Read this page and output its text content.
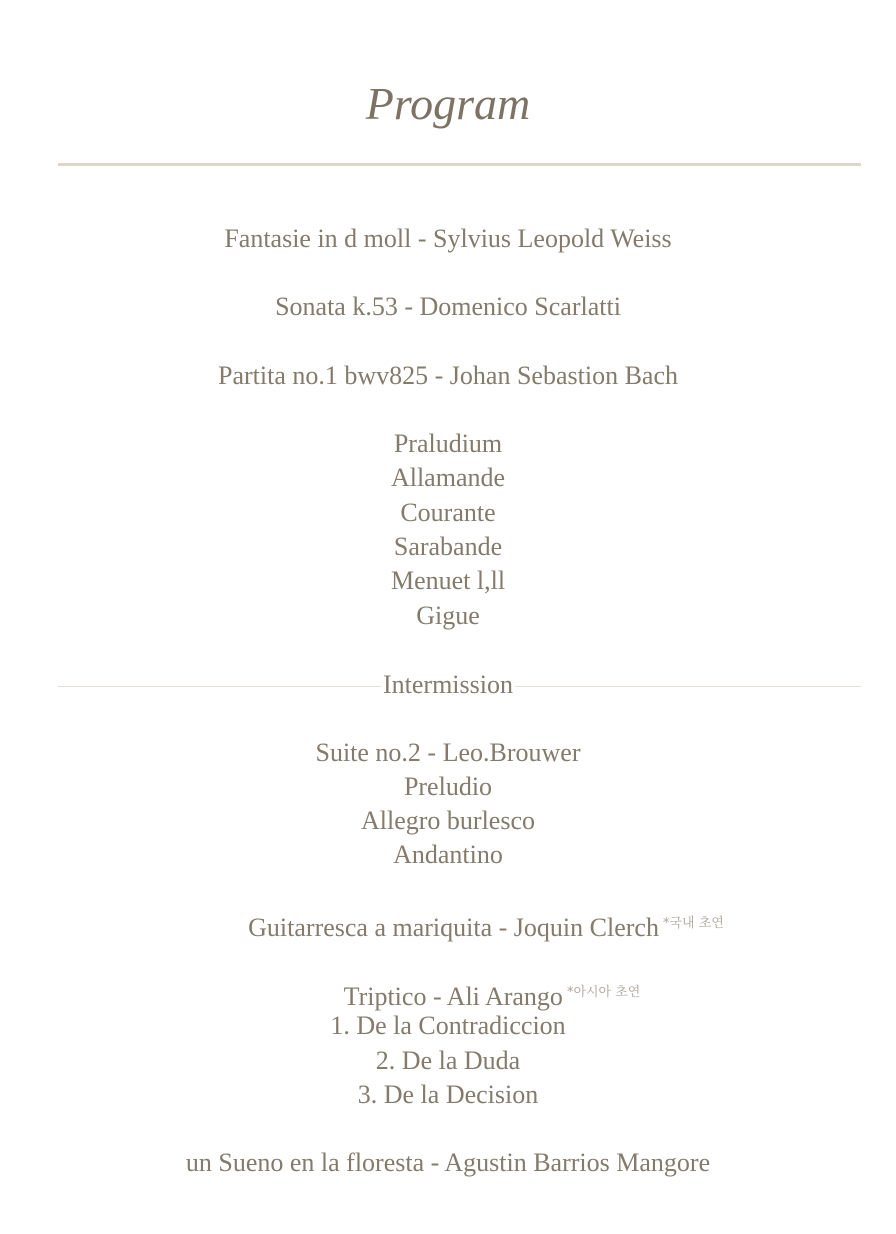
Program
Fantasie in d moll - Sylvius Leopold Weiss
Sonata k.53 - Domenico Scarlatti
Partita no.1 bwv825 - Johan Sebastion Bach
Praludium
Allamande
Courante
Sarabande
Menuet l,ll
Gigue
Intermission
Suite no.2 - Leo.Brouwer
Preludio
Allegro burlesco
Andantino
Guitarresca a mariquita - Joquin Clerch $^{*국내 초연}$
Triptico - Ali Arango $^{*아시아 초연}$
1. De la Contradiccion
2. De la Duda
3. De la Decision
un Sueno en la floresta - Agustin Barrios Mangore
